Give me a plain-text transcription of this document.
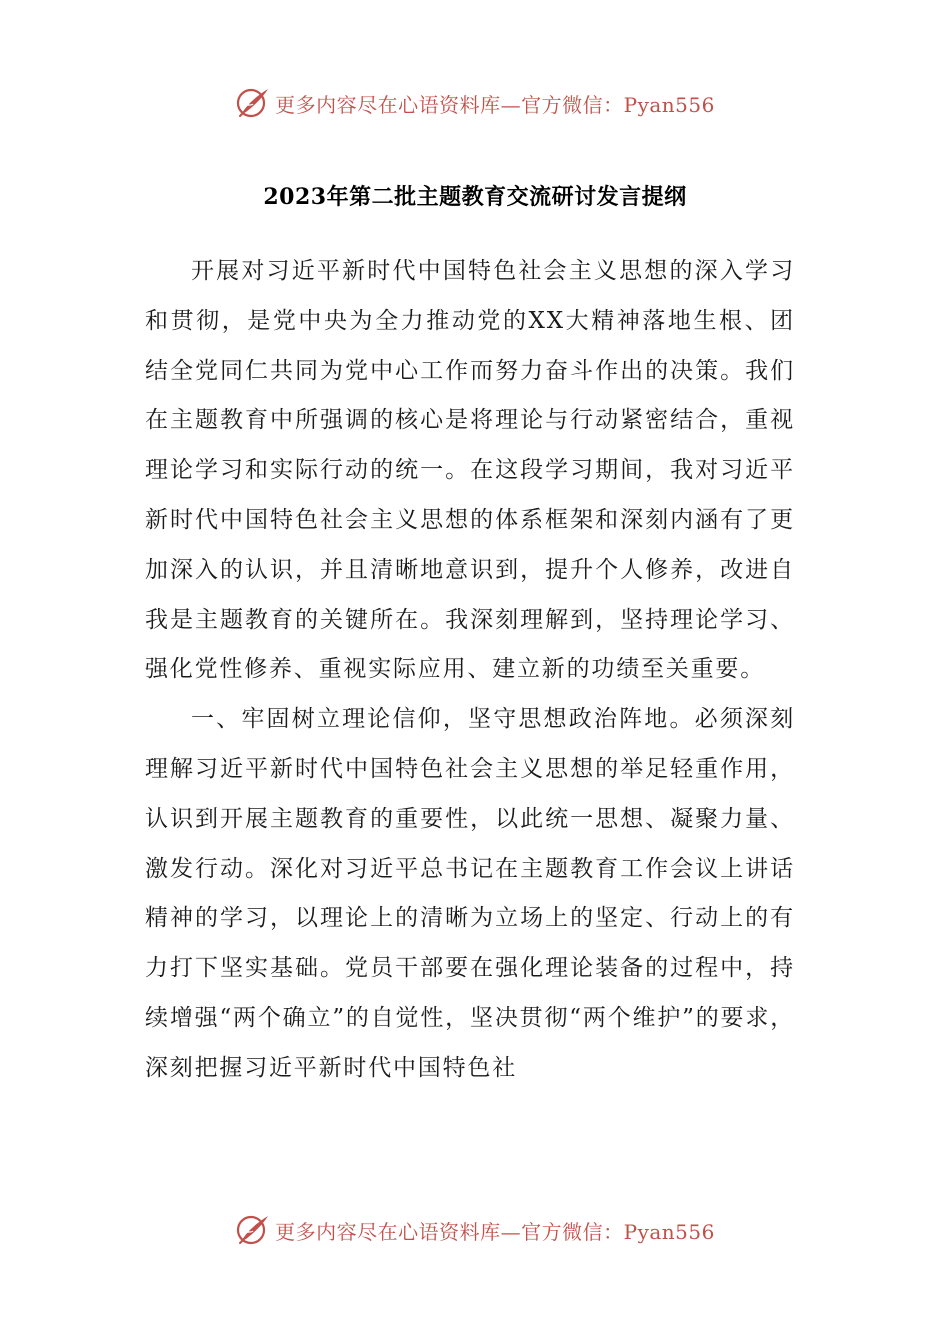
更多内容尽在心语资料库—官方微信：Pyan556
2023年第二批主题教育交流研讨发言提纲

开展对习近平新时代中国特色社会主义思想的深入学习和贯彻，是党中央为全力推动党的XX大精神落地生根、团结全党同仁共同为党中心工作而努力奋斗作出的决策。我们在主题教育中所强调的核心是将理论与行动紧密结合，重视理论学习和实际行动的统一。在这段学习期间，我对习近平新时代中国特色社会主义思想的体系框架和深刻内涵有了更加深入的认识，并且清晰地意识到，提升个人修养，改进自我是主题教育的关键所在。我深刻理解到，坚持理论学习、强化党性修养、重视实际应用、建立新的功绩至关重要。

一、牢固树立理论信仰，坚守思想政治阵地。必须深刻理解习近平新时代中国特色社会主义思想的举足轻重作用，认识到开展主题教育的重要性，以此统一思想、凝聚力量、激发行动。深化对习近平总书记在主题教育工作会议上讲话精神的学习，以理论上的清晰为立场上的坚定、行动上的有力打下坚实基础。党员干部要在强化理论装备的过程中，持续增强“两个确立”的自觉性，坚决贯彻“两个维护”的要求，深刻把握习近平新时代中国特色社

更多内容尽在心语资料库—官方微信：Pyan556
